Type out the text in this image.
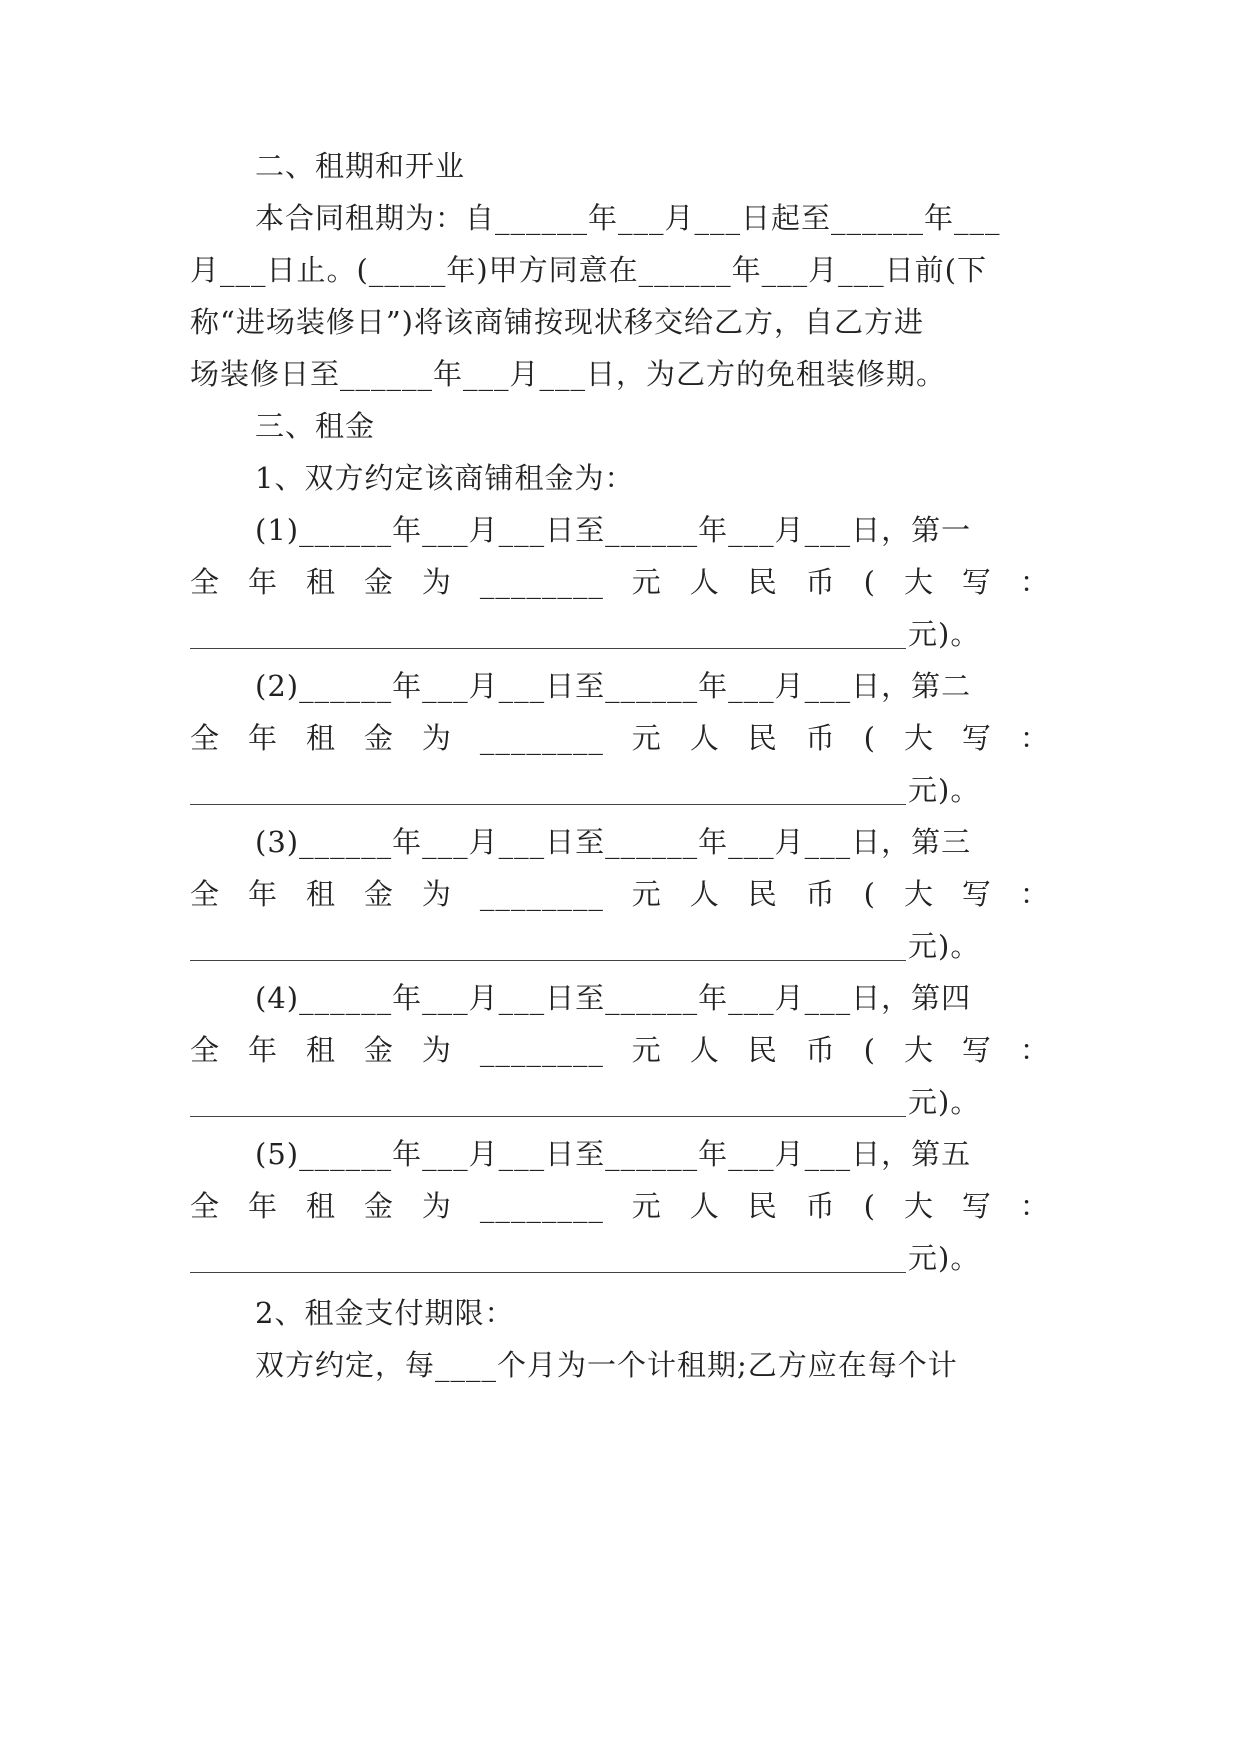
二、租期和开业
本合同租期为：自______年___月___日起至______年___
月___日止。(_____年)甲方同意在______年___月___日前(下
称“进场装修日”)将该商铺按现状移交给乙方，自乙方进
场装修日至______年___月___日，为乙方的免租装修期。
三、租金
1、双方约定该商铺租金为：
(1)______年___月___日至______年___月___日，第一
全 年 租 金 为 ________ 元 人 民 币 ( 大 写 ：
元)。
(2)______年___月___日至______年___月___日，第二
全 年 租 金 为 ________ 元 人 民 币 ( 大 写 ：
元)。
(3)______年___月___日至______年___月___日，第三
全 年 租 金 为 ________ 元 人 民 币 ( 大 写 ：
元)。
(4)______年___月___日至______年___月___日，第四
全 年 租 金 为 ________ 元 人 民 币 ( 大 写 ：
元)。
(5)______年___月___日至______年___月___日，第五
全 年 租 金 为 ________ 元 人 民 币 ( 大 写 ：
元)。
2、租金支付期限：
双方约定，每____个月为一个计租期;乙方应在每个计
